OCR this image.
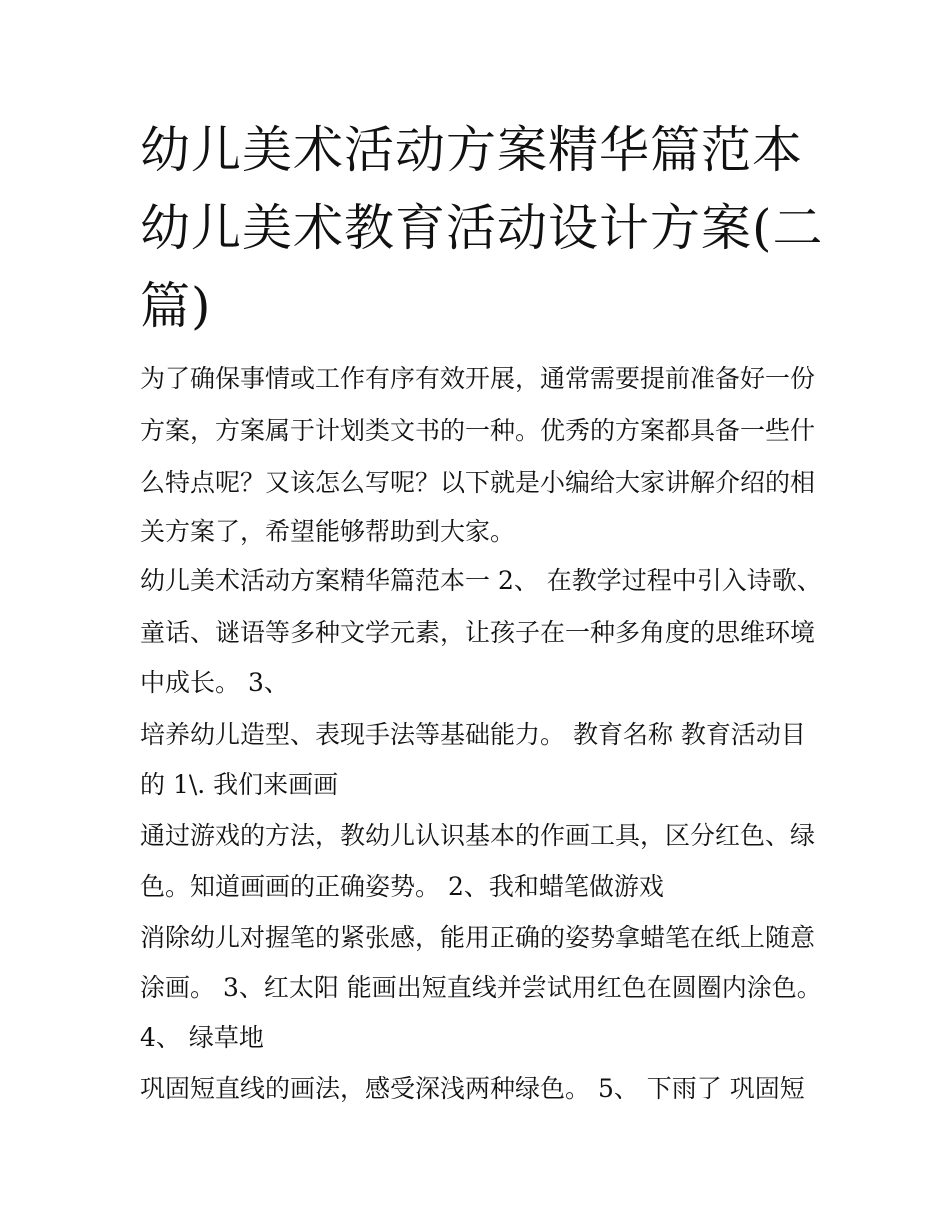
幼儿美术活动方案精华篇范本
幼儿美术教育活动设计方案(二
篇)
为了确保事情或工作有序有效开展，通常需要提前准备好一份
方案，方案属于计划类文书的一种。优秀的方案都具备一些什
么特点呢？又该怎么写呢？以下就是小编给大家讲解介绍的相
关方案了，希望能够帮助到大家。
幼儿美术活动方案精华篇范本一 2、 在教学过程中引入诗歌、
童话、谜语等多种文学元素，让孩子在一种多角度的思维环境
中成长。 3、
培养幼儿造型、表现手法等基础能力。 教育名称 教育活动目
的 1\. 我们来画画
通过游戏的方法，教幼儿认识基本的作画工具，区分红色、绿
色。知道画画的正确姿势。 2、我和蜡笔做游戏
消除幼儿对握笔的紧张感，能用正确的姿势拿蜡笔在纸上随意
涂画。 3、红太阳 能画出短直线并尝试用红色在圆圈内涂色。
4、 绿草地
巩固短直线的画法，感受深浅两种绿色。 5、 下雨了 巩固短
